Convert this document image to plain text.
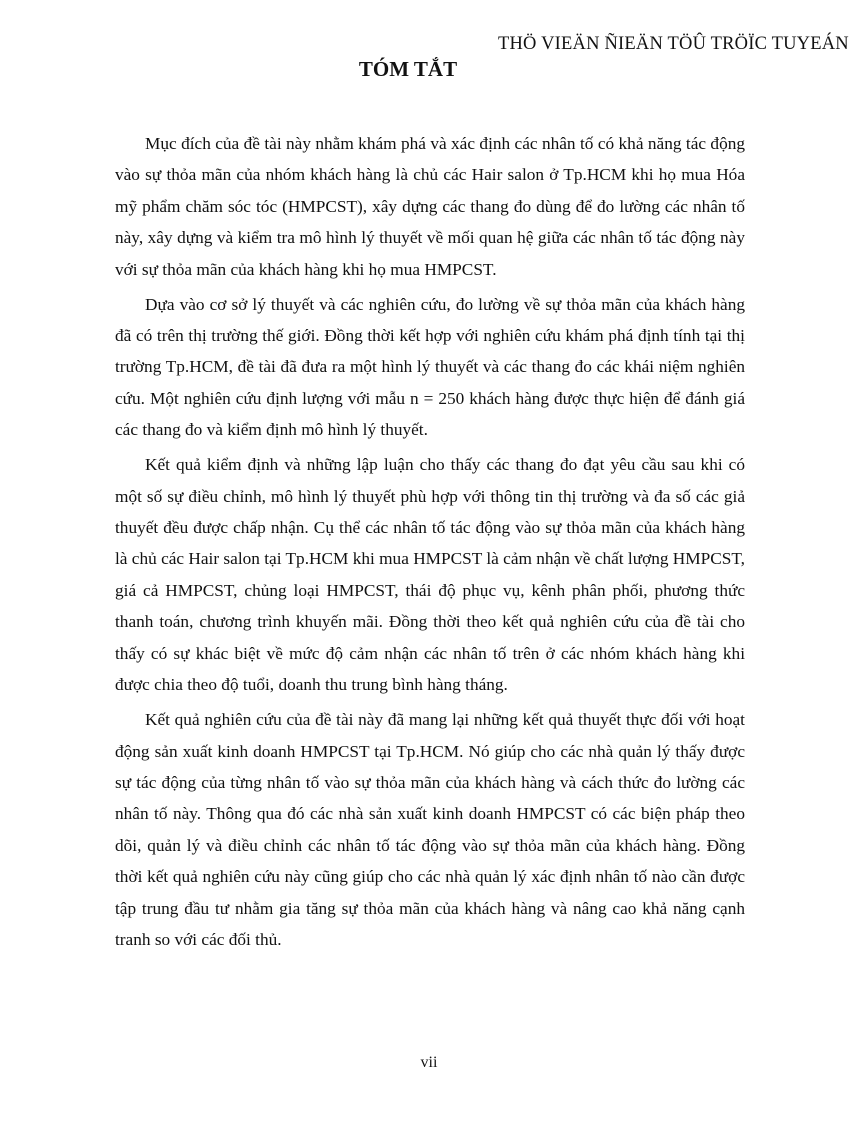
THÖ VIEÄN ÑIEÄN TÖÛ TRÖÏC TUYEÁN
TÓM TẮT

Mục đích của đề tài này nhằm khám phá và xác định các nhân tố có khả năng tác động vào sự thỏa mãn của nhóm khách hàng là chủ các Hair salon ở Tp.HCM khi họ mua Hóa mỹ phẩm chăm sóc tóc (HMPCST), xây dựng các thang đo dùng để đo lường các nhân tố này, xây dựng và kiểm tra mô hình lý thuyết về mối quan hệ giữa các nhân tố tác động này với sự thỏa mãn của khách hàng khi họ mua HMPCST.

Dựa vào cơ sở lý thuyết và các nghiên cứu, đo lường về sự thỏa mãn của khách hàng đã có trên thị trường thế giới. Đồng thời kết hợp với nghiên cứu khám phá định tính tại thị trường Tp.HCM, đề tài đã đưa ra một hình lý thuyết và các thang đo các khái niệm nghiên cứu. Một nghiên cứu định lượng với mẫu n = 250 khách hàng được thực hiện để đánh giá các thang đo và kiểm định mô hình lý thuyết.

Kết quả kiểm định và những lập luận cho thấy các thang đo đạt yêu cầu sau khi có một số sự điều chỉnh, mô hình lý thuyết phù hợp với thông tin thị trường và đa số các giả thuyết đều được chấp nhận. Cụ thể các nhân tố tác động vào sự thỏa mãn của khách hàng là chủ các Hair salon tại Tp.HCM khi mua HMPCST là cảm nhận về chất lượng HMPCST, giá cả HMPCST, chủng loại HMPCST, thái độ phục vụ, kênh phân phối, phương thức thanh toán, chương trình khuyến mãi. Đồng thời theo kết quả nghiên cứu của đề tài cho thấy có sự khác biệt về mức độ cảm nhận các nhân tố trên ở các nhóm khách hàng khi được chia theo độ tuổi, doanh thu trung bình hàng tháng.

Kết quả nghiên cứu của đề tài này đã mang lại những kết quả thuyết thực đối với hoạt động sản xuất kinh doanh HMPCST tại Tp.HCM. Nó giúp cho các nhà quản lý thấy được sự tác động của từng nhân tố vào sự thỏa mãn của khách hàng và cách thức đo lường các nhân tố này. Thông qua đó các nhà sản xuất kinh doanh HMPCST có các biện pháp theo dõi, quản lý và điều chỉnh các nhân tố tác động vào sự thỏa mãn của khách hàng. Đồng thời kết quả nghiên cứu này cũng giúp cho các nhà quản lý xác định nhân tố nào cần được tập trung đầu tư nhằm gia tăng sự thỏa mãn của khách hàng và nâng cao khả năng cạnh tranh so với các đối thủ.

vii
